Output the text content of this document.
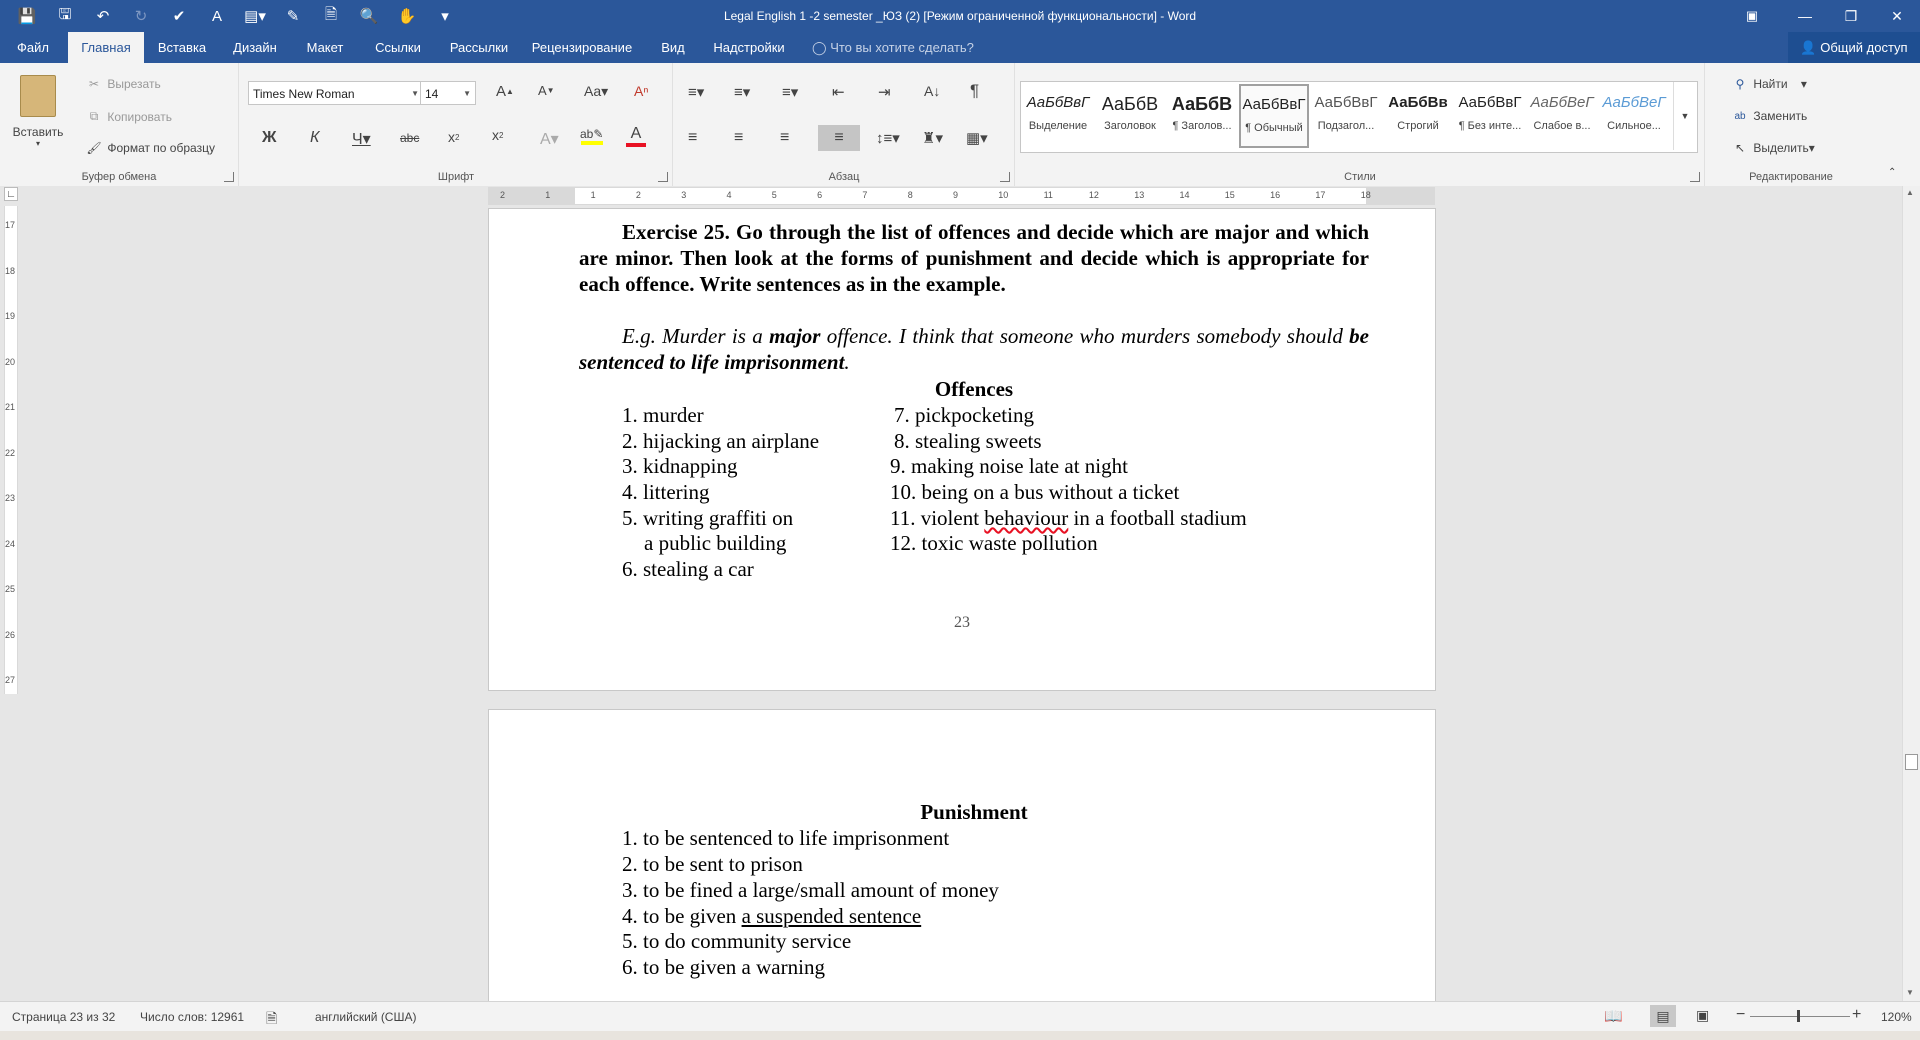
💾	🖫	↶	↻	✔	A	▤▾	✎	🗎	🔍	✋	▾	Legal English 1 -2 semester _ЮЗ (2) [Режим ограниченной функциональности] - Word	▣	—	❐	✕
Файл	Главная	Вставка	Дизайн	Макет	Ссылки	Рассылки	Рецензирование	Вид	Надстройки	◯ Что вы хотите сделать?	👤 Общий доступ
Вставить
▾
✂
Вырезать
⧉
Копировать
🖌
Формат по образцу
Буфер обмена
Times New Roman	▼ 14	▼ A ▲ A ▼ Aa▾ Aⁿ
Ж К Ч▾ abc x 2 x 2 A▾ ab✎ A
Шрифт
≡▾ ≡▾ ≡▾ ⇤ ⇥ A↓ ¶
≡ ≡ ≡	≡	↕≡▾ ♜▾ ▦▾
Абзац	Стили
АаБбВвГ
Выделение
АаБбВ
Заголовок
АаБбВ
¶ Заголов...
АаБбВвГ
¶ Обычный
АаБбВвГ
Подзагол...
АаБбВв
Строгий
АаБбВвГ
¶ Без инте...
АаБбВеГ
Слабое в...
АаБбВеГ
Сильное...
▼
⚲
Найти ▾
ab
Заменить
↖
Выделить ▾
Редактирование	⌃
∟	2	1	1	2	3	4	5	6	7	8	9	10	11	12	13	14	15	16	17	18
17
18
19
20
21
22
23
24
25
26
27
Exercise 25. Go through the list of offences and decide which are major and which are minor. Then look at the forms of punishment and decide which is appropriate for each offence. Write sentences as in the example.
E.g. Murder is a major offence. I think that someone who murders somebody should be sentenced to life imprisonment.
Offences
1. murder
2. hijacking an airplane
3. kidnapping
4. littering
5. writing graffiti on
a public building
6. stealing a car
7. pickpocketing
8. stealing sweets
9. making noise late at night
10. being on a bus without a ticket
11. violent behaviour in a football stadium
12. toxic waste pollution
23
Punishment
1. to be sentenced to life imprisonment
2. to be sent to prison
3. to be fined a large/small amount of money
4. to be given a suspended sentence
5. to do community service
6. to be given a warning
▲
▼
Страница 23 из 32 Число слов: 12961 🗎	английский (США)	📖	▤	▣ −	+ 120%
